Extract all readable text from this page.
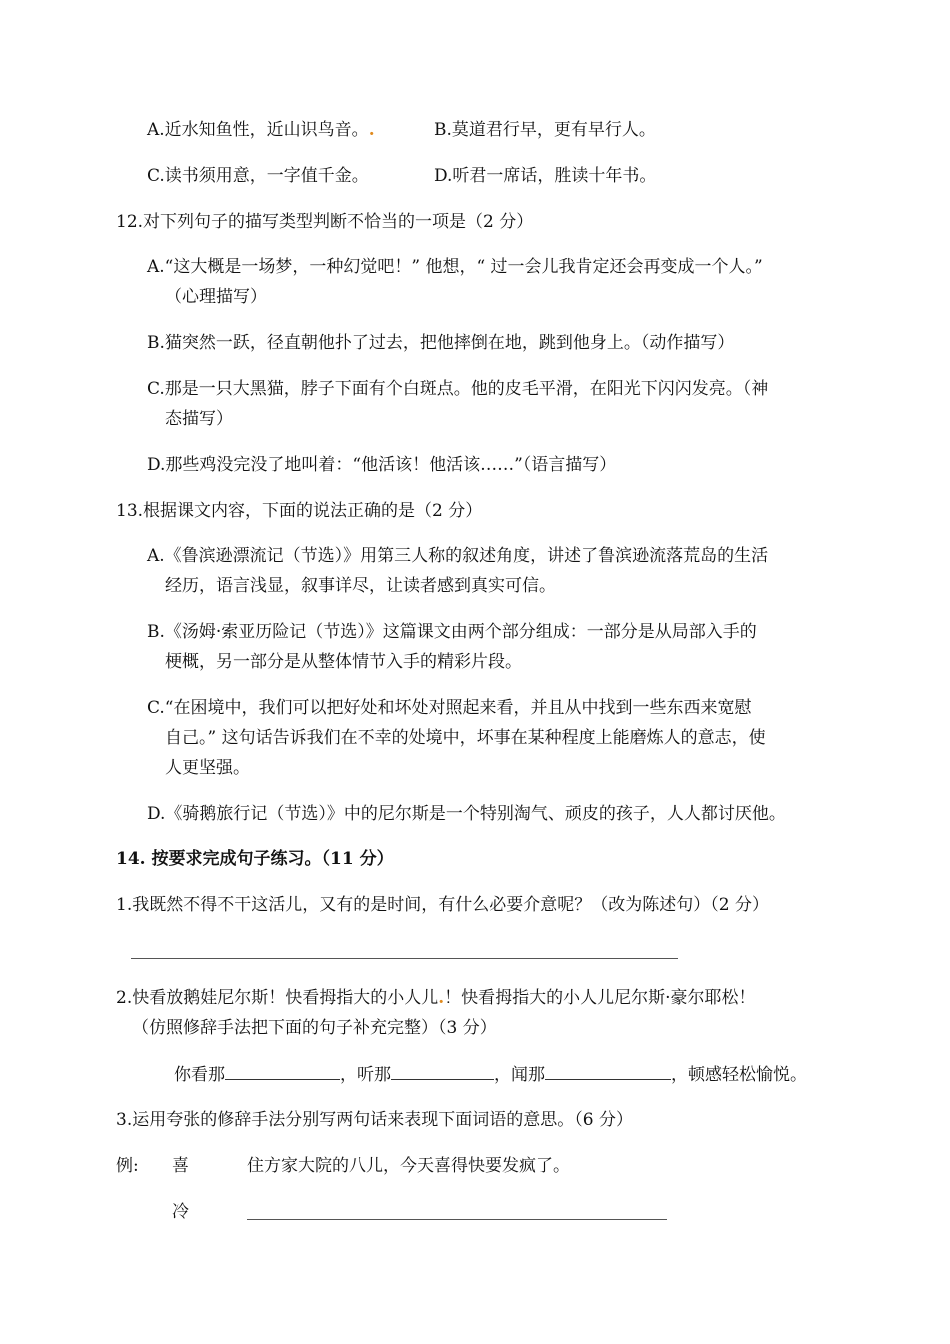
A.近水知鱼性，近山识鸟音。.	B.莫道君行早，更有早行人。
C.读书须用意，一字值千金。	D.听君一席话，胜读十年书。
12.对下列句子的描写类型判断不恰当的一项是（2 分）
A.“这大概是一场梦，一种幻觉吧！” 他想，“ 过一会儿我肯定还会再变成一个人。”
（心理描写）
B.猫突然一跃，径直朝他扑了过去，把他摔倒在地，跳到他身上。（动作描写）
C.那是一只大黑猫，脖子下面有个白斑点。他的皮毛平滑，在阳光下闪闪发亮。（神
态描写）
D.那些鸡没完没了地叫着：“他活该！他活该……”（语言描写）
13.根据课文内容，下面的说法正确的是（2 分）
A.《鲁滨逊漂流记（节选）》用第三人称的叙述角度，讲述了鲁滨逊流落荒岛的生活
经历，语言浅显，叙事详尽，让读者感到真实可信。
B.《汤姆·索亚历险记（节选）》这篇课文由两个部分组成：一部分是从局部入手的
梗概，另一部分是从整体情节入手的精彩片段。
C.“在困境中，我们可以把好处和坏处对照起来看，并且从中找到一些东西来宽慰
自己。” 这句话告诉我们在不幸的处境中，坏事在某种程度上能磨炼人的意志，使
人更坚强。
D.《骑鹅旅行记（节选）》中的尼尔斯是一个特别淘气、顽皮的孩子，人人都讨厌他。
14. 按要求完成句子练习。（11 分）
1.我既然不得不干这活儿，又有的是时间，有什么必要介意呢？（改为陈述句）（2 分）
2.快看放鹅娃尼尔斯！快看拇指大的小人儿.！快看拇指大的小人儿尼尔斯·豪尔耶松！
（仿照修辞手法把下面的句子补充完整）（3 分）
你看那	，听那	，闻那	，顿感轻松愉悦。
3.运用夸张的修辞手法分别写两句话来表现下面词语的意思。（6 分）
例: 喜	住方家大院的八儿，今天喜得快要发疯了。
冷
